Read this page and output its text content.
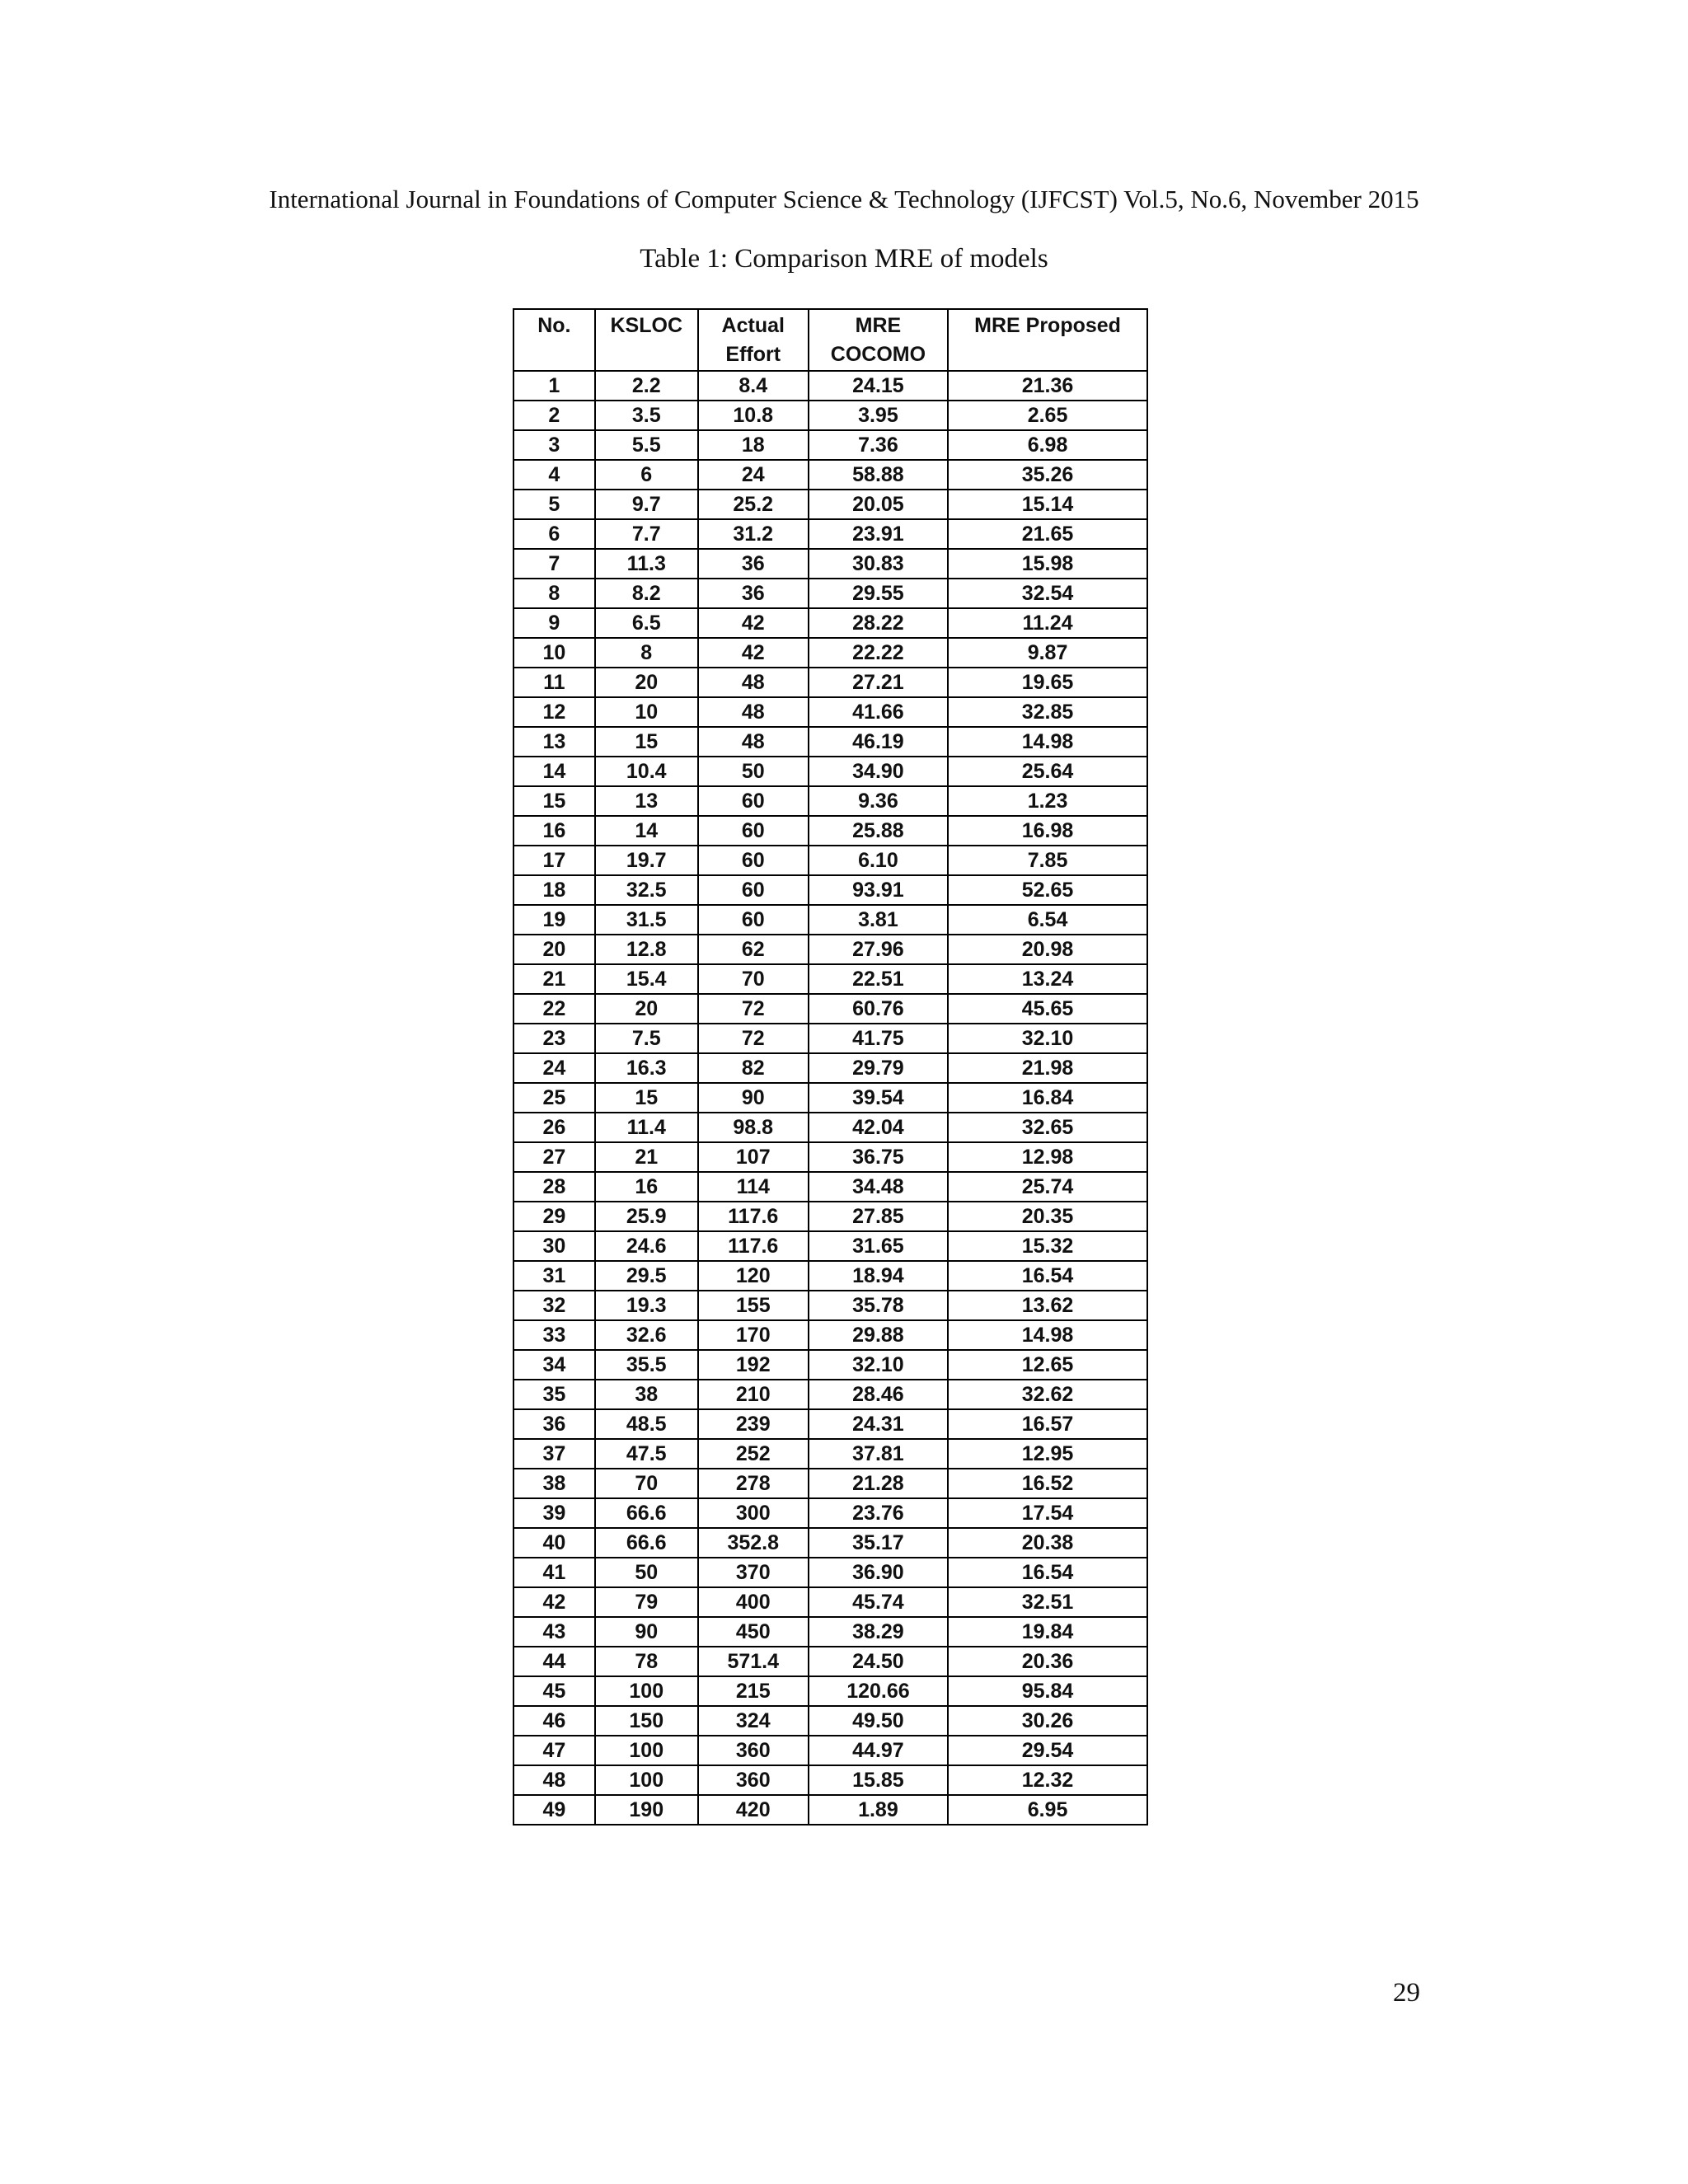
International Journal in Foundations of Computer Science & Technology (IJFCST) Vol.5, No.6, November 2015
Table 1: Comparison MRE of models
No.	KSLOC	Actual Effort	MRE COCOMO	MRE Proposed
1	2.2	8.4	24.15	21.36
2	3.5	10.8	3.95	2.65
3	5.5	18	7.36	6.98
4	6	24	58.88	35.26
5	9.7	25.2	20.05	15.14
6	7.7	31.2	23.91	21.65
7	11.3	36	30.83	15.98
8	8.2	36	29.55	32.54
9	6.5	42	28.22	11.24
10	8	42	22.22	9.87
11	20	48	27.21	19.65
12	10	48	41.66	32.85
13	15	48	46.19	14.98
14	10.4	50	34.90	25.64
15	13	60	9.36	1.23
16	14	60	25.88	16.98
17	19.7	60	6.10	7.85
18	32.5	60	93.91	52.65
19	31.5	60	3.81	6.54
20	12.8	62	27.96	20.98
21	15.4	70	22.51	13.24
22	20	72	60.76	45.65
23	7.5	72	41.75	32.10
24	16.3	82	29.79	21.98
25	15	90	39.54	16.84
26	11.4	98.8	42.04	32.65
27	21	107	36.75	12.98
28	16	114	34.48	25.74
29	25.9	117.6	27.85	20.35
30	24.6	117.6	31.65	15.32
31	29.5	120	18.94	16.54
32	19.3	155	35.78	13.62
33	32.6	170	29.88	14.98
34	35.5	192	32.10	12.65
35	38	210	28.46	32.62
36	48.5	239	24.31	16.57
37	47.5	252	37.81	12.95
38	70	278	21.28	16.52
39	66.6	300	23.76	17.54
40	66.6	352.8	35.17	20.38
41	50	370	36.90	16.54
42	79	400	45.74	32.51
43	90	450	38.29	19.84
44	78	571.4	24.50	20.36
45	100	215	120.66	95.84
46	150	324	49.50	30.26
47	100	360	44.97	29.54
48	100	360	15.85	12.32
49	190	420	1.89	6.95
29
